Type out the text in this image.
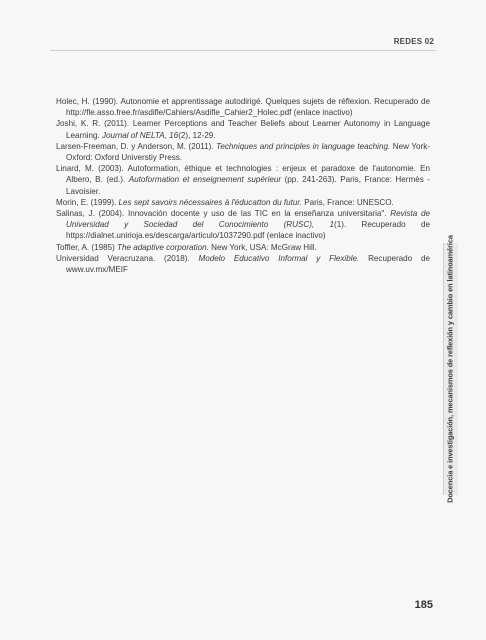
REDES 02

Holec, H. (1990). Autonomie et apprentissage autodirigé. Quelques sujets de réflexion. Recuperado de http://fle.asso.free.fr/asdifle/Cahiers/Asdifle_Cahier2_Holec.pdf (enlace inactivo)

Joshi, K. R. (2011). Learner Perceptions and Teacher Beliefs about Learner Autonomy in Language Learning. Journal of NELTA, 16(2), 12-29.

Larsen-Freeman, D. y Anderson, M. (2011). Techniques and principles in language teaching. New York-Oxford: Oxford Universtiy Press.

Linard, M. (2003). Autoformation, éthique et technologies : enjeux et paradoxe de l'autonomie. En Albero, B. (ed.). Autoformation et enseignement supérieur (pp. 241-263). Paris, France: Hermès - Lavoisier.

Morin, E. (1999). Les sept savoirs nécessaires à l'éducatton du futur. Paris, France: UNESCO.

Salinas, J. (2004). Innovación docente y uso de las TIC en la enseñanza universitaria". Revista de Universidad y Sociedad del Conocimiento (RUSC), 1(1). Recuperado de https://dialnet.unirioja.es/descarga/articulo/1037290.pdf (enlace inactivo)

Toffler, A. (1985) The adaptive corporation. New York, USA: McGraw Hill.

Universidad Veracruzana. (2018). Modelo Educativo Informal y Flexible. Recuperado de www.uv.mx/MEIF	Docencia e investigación, mecanismos de reflexión y cambio en latinoamérica
185
